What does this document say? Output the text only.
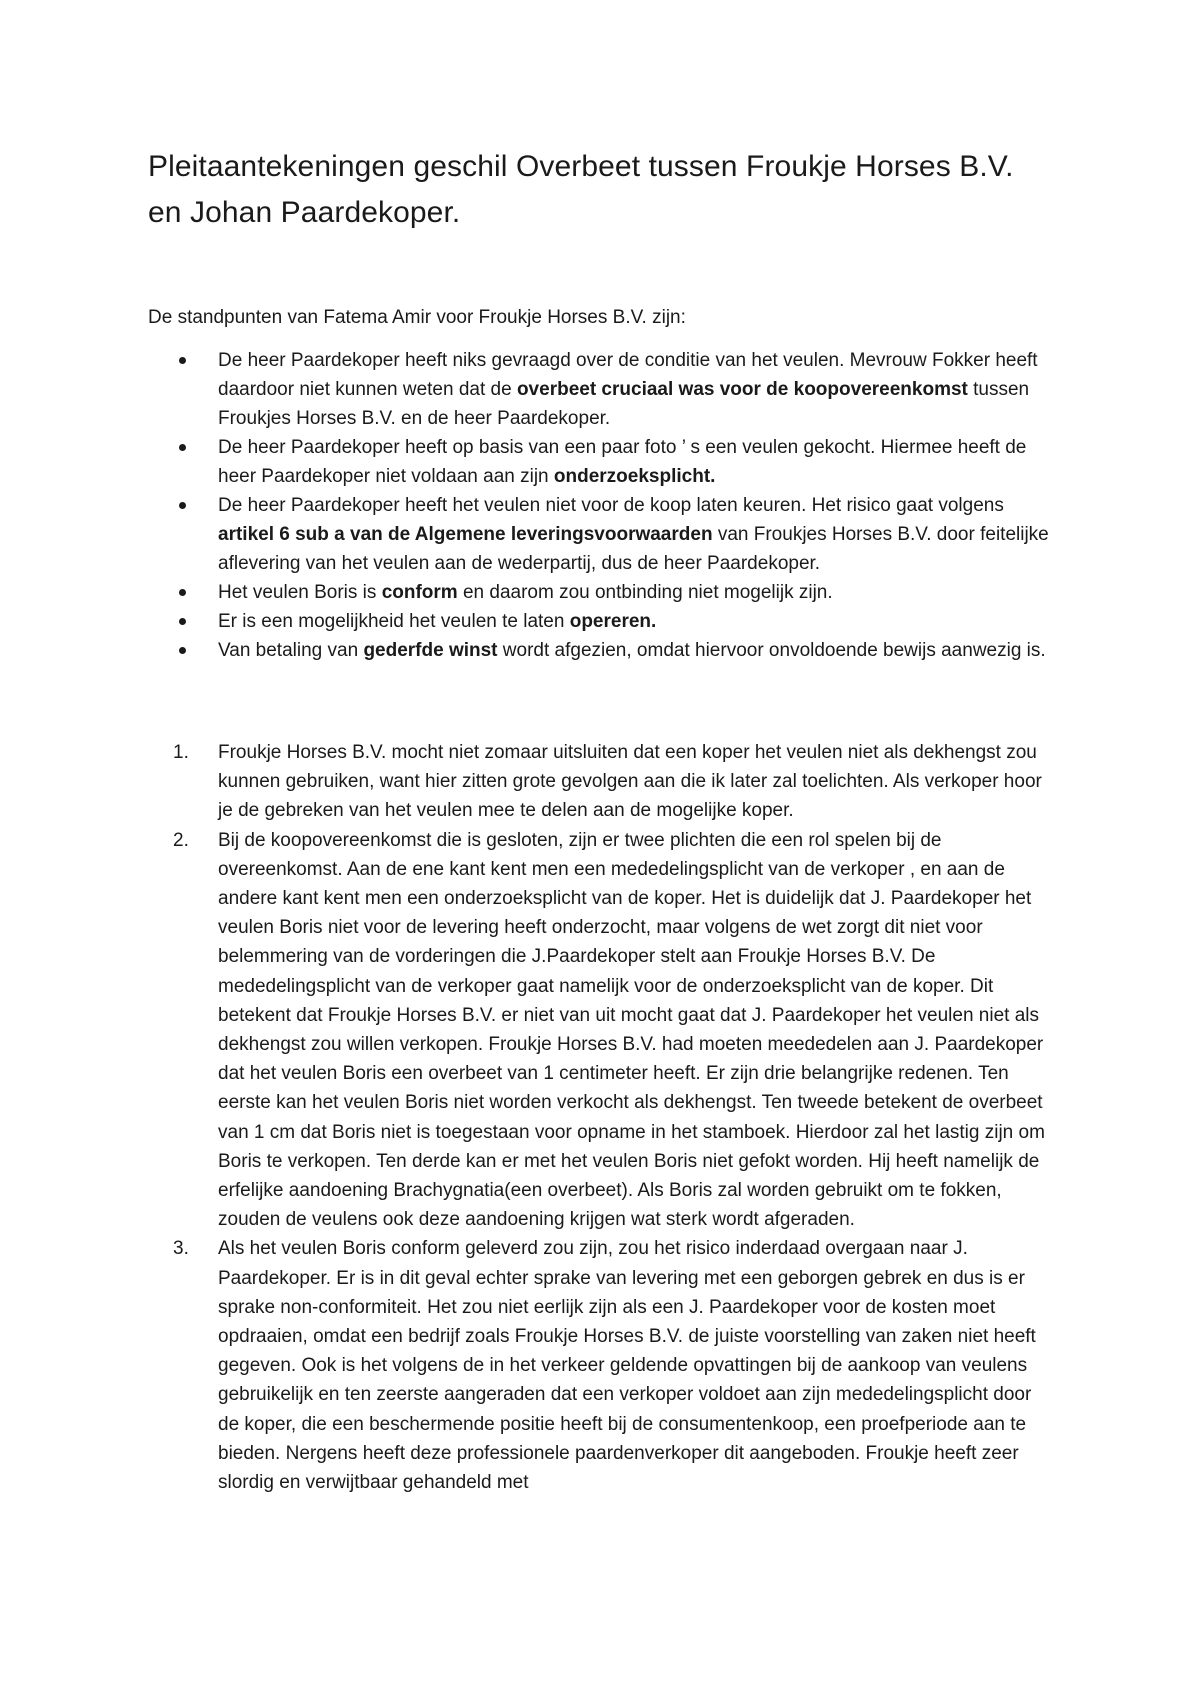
Pleitaantekeningen geschil Overbeet tussen Froukje Horses B.V. en Johan Paardekoper.

De standpunten van Fatema Amir voor Froukje Horses B.V. zijn:

De heer Paardekoper heeft niks gevraagd over de conditie van het veulen. Mevrouw Fokker heeft daardoor niet kunnen weten dat de overbeet cruciaal was voor de koopovereenkomst tussen Froukjes Horses B.V. en de heer Paardekoper.
De heer Paardekoper heeft op basis van een paar foto ’ s een veulen gekocht. Hiermee heeft de heer Paardekoper niet voldaan aan zijn onderzoeksplicht.
De heer Paardekoper heeft het veulen niet voor de koop laten keuren. Het risico gaat volgens artikel 6 sub a van de Algemene leveringsvoorwaarden van Froukjes Horses B.V. door feitelijke aflevering van het veulen aan de wederpartij, dus de heer Paardekoper.
Het veulen Boris is conform en daarom zou ontbinding niet mogelijk zijn.
Er is een mogelijkheid het veulen te laten opereren.
Van betaling van gederfde winst wordt afgezien, omdat hiervoor onvoldoende bewijs aanwezig is.
1. Froukje Horses B.V. mocht niet zomaar uitsluiten dat een koper het veulen niet als dekhengst zou kunnen gebruiken, want hier zitten grote gevolgen aan die ik later zal toelichten. Als verkoper hoor je de gebreken van het veulen mee te delen aan de mogelijke koper.
2. Bij de koopovereenkomst die is gesloten, zijn er twee plichten die een rol spelen bij de overeenkomst. Aan de ene kant kent men een mededelingsplicht van de verkoper , en aan de andere kant kent men een onderzoeksplicht van de koper. Het is duidelijk dat J. Paardekoper het veulen Boris niet voor de levering heeft onderzocht, maar volgens de wet zorgt dit niet voor belemmering van de vorderingen die J.Paardekoper stelt aan Froukje Horses B.V. De mededelingsplicht van de verkoper gaat namelijk voor de onderzoeksplicht van de koper. Dit betekent dat Froukje Horses B.V. er niet van uit mocht gaat dat J. Paardekoper het veulen niet als dekhengst zou willen verkopen. Froukje Horses B.V. had moeten meededelen aan J. Paardekoper dat het veulen Boris een overbeet van 1 centimeter heeft. Er zijn drie belangrijke redenen. Ten eerste kan het veulen Boris niet worden verkocht als dekhengst. Ten tweede betekent de overbeet van 1 cm dat Boris niet is toegestaan voor opname in het stamboek. Hierdoor zal het lastig zijn om Boris te verkopen. Ten derde kan er met het veulen Boris niet gefokt worden. Hij heeft namelijk de erfelijke aandoening Brachygnatia(een overbeet). Als Boris zal worden gebruikt om te fokken, zouden de veulens ook deze aandoening krijgen wat sterk wordt afgeraden.
3. Als het veulen Boris conform geleverd zou zijn, zou het risico inderdaad overgaan naar J. Paardekoper. Er is in dit geval echter sprake van levering met een geborgen gebrek en dus is er sprake non-conformiteit. Het zou niet eerlijk zijn als een J. Paardekoper voor de kosten moet opdraaien, omdat een bedrijf zoals Froukje Horses B.V. de juiste voorstelling van zaken niet heeft gegeven. Ook is het volgens de in het verkeer geldende opvattingen bij de aankoop van veulens gebruikelijk en ten zeerste aangeraden dat een verkoper voldoet aan zijn mededelingsplicht door de koper, die een beschermende positie heeft bij de consumentenkoop, een proefperiode aan te bieden. Nergens heeft deze professionele paardenverkoper dit aangeboden. Froukje heeft zeer slordig en verwijtbaar gehandeld met
